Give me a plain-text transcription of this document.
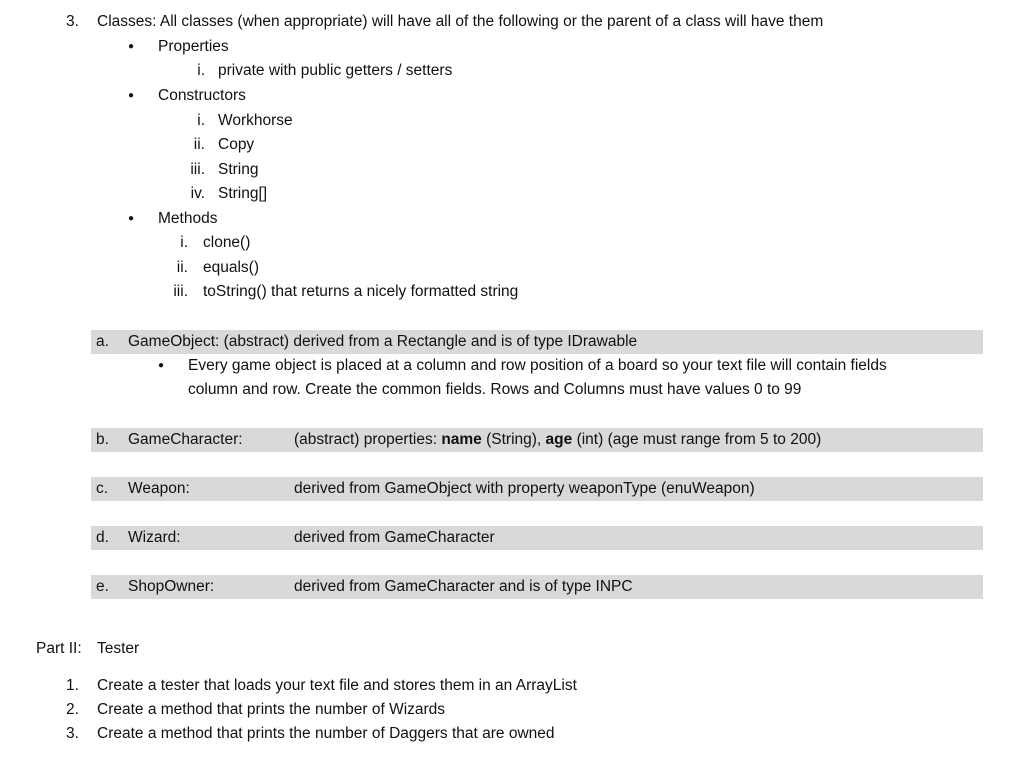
3. Classes: All classes (when appropriate) will have all of the following or the parent of a class will have them
● Properties
i. private with public getters / setters
● Constructors
i. Workhorse
ii. Copy
iii. String
iv. String[]
● Methods
i. clone()
ii. equals()
iii. toString() that returns a nicely formatted string
a. GameObject: (abstract) derived from a Rectangle and is of type IDrawable
● Every game object is placed at a column and row position of a board so your text file will contain fields
column and row. Create the common fields. Rows and Columns must have values 0 to 99
b. GameCharacter:	(abstract) properties: name (String), age (int) (age must range from 5 to 200)
c. Weapon:	derived from GameObject with property weaponType (enuWeapon)
d. Wizard:	derived from GameCharacter
e. ShopOwner:	derived from GameCharacter and is of type INPC
Part II: Tester
1. Create a tester that loads your text file and stores them in an ArrayList
2. Create a method that prints the number of Wizards
3. Create a method that prints the number of Daggers that are owned
